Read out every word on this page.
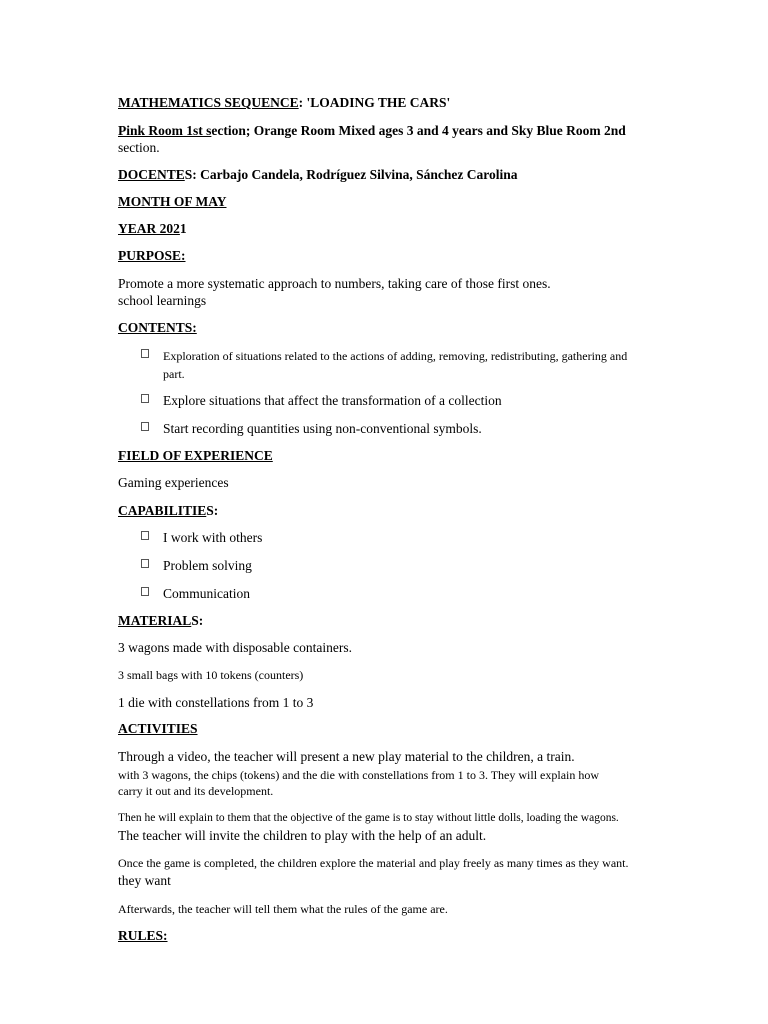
MATHEMATICS SEQUENCE: 'LOADING THE CARS'
Pink Room 1st section; Orange Room Mixed ages 3 and 4 years and Sky Blue Room 2nd
section.
DOCENTES: Carbajo Candela, Rodríguez Silvina, Sánchez Carolina
MONTH OF MAY
YEAR 2021
PURPOSE:
Promote a more systematic approach to numbers, taking care of those first ones.
school learnings
CONTENTS:
Exploration of situations related to the actions of adding, removing, redistributing, gathering and
part.
Explore situations that affect the transformation of a collection
Start recording quantities using non-conventional symbols.
FIELD OF EXPERIENCE
Gaming experiences
CAPABILITIES:
I work with others
Problem solving
Communication
MATERIALS:
3 wagons made with disposable containers.
3 small bags with 10 tokens (counters)
1 die with constellations from 1 to 3
ACTIVITIES
Through a video, the teacher will present a new play material to the children, a train.
with 3 wagons, the chips (tokens) and the die with constellations from 1 to 3. They will explain how
carry it out and its development.
Then he will explain to them that the objective of the game is to stay without little dolls, loading the wagons.
The teacher will invite the children to play with the help of an adult.
Once the game is completed, the children explore the material and play freely as many times as they want.
they want
Afterwards, the teacher will tell them what the rules of the game are.
RULES:
